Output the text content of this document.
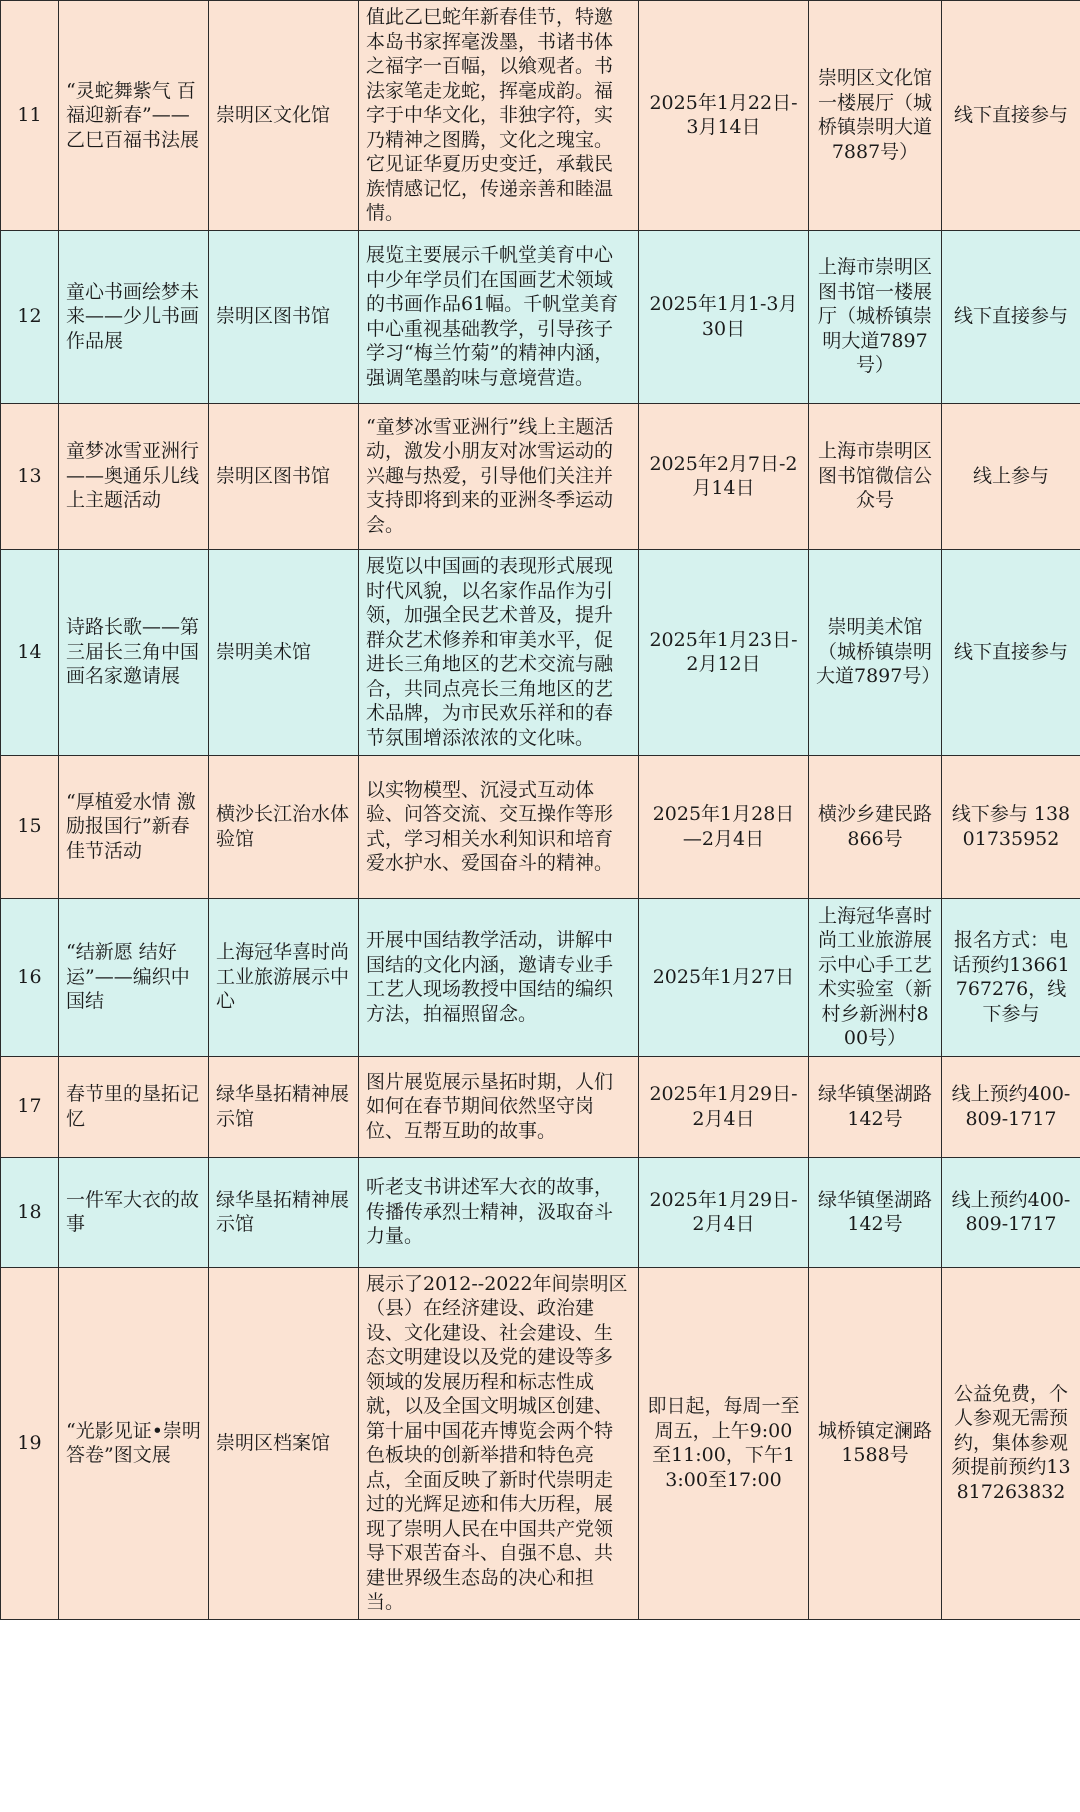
11	“灵蛇舞紫气 百福迎新春”——乙巳百福书法展	崇明区文化馆	值此乙巳蛇年新春佳节，特邀本岛书家挥毫泼墨，书诸书体之福字一百幅，以飨观者。书法家笔走龙蛇，挥毫成韵。福字于中华文化，非独字符，实乃精神之图腾，文化之瑰宝。它见证华夏历史变迁，承载民族情感记忆，传递亲善和睦温情。	2025年1月22日-3月14日	崇明区文化馆一楼展厅（城桥镇崇明大道7887号）	线下直接参与
12	童心书画绘梦未来——少儿书画作品展	崇明区图书馆	展览主要展示千帆堂美育中心中少年学员们在国画艺术领域的书画作品61幅。千帆堂美育中心重视基础教学，引导孩子学习“梅兰竹菊”的精神内涵，强调笔墨韵味与意境营造。	2025年1月1-3月30日	上海市崇明区图书馆一楼展厅（城桥镇崇明大道7897号）	线下直接参与
13	童梦冰雪亚洲行——奥通乐儿线上主题活动	崇明区图书馆	“童梦冰雪亚洲行”线上主题活动，激发小朋友对冰雪运动的兴趣与热爱，引导他们关注并支持即将到来的亚洲冬季运动会。	2025年2月7日-2月14日	上海市崇明区图书馆微信公众号	线上参与
14	诗路长歌——第三届长三角中国画名家邀请展	崇明美术馆	展览以中国画的表现形式展现时代风貌，以名家作品作为引领，加强全民艺术普及，提升群众艺术修养和审美水平，促进长三角地区的艺术交流与融合，共同点亮长三角地区的艺术品牌，为市民欢乐祥和的春节氛围增添浓浓的文化味。	2025年1月23日-2月12日	崇明美术馆（城桥镇崇明大道7897号）	线下直接参与
15	“厚植爱水情 激励报国行”新春佳节活动	横沙长江治水体验馆	以实物模型、沉浸式互动体验、问答交流、交互操作等形式，学习相关水利知识和培育爱水护水、爱国奋斗的精神。	2025年1月28日—2月4日	横沙乡建民路866号	线下参与 13801735952
16	“结新愿 结好运”——编织中国结	上海冠华喜时尚工业旅游展示中心	开展中国结教学活动，讲解中国结的文化内涵，邀请专业手工艺人现场教授中国结的编织方法，拍福照留念。	2025年1月27日	上海冠华喜时尚工业旅游展示中心手工艺术实验室（新村乡新洲村800号）	报名方式：电话预约13661767276，线下参与
17	春节里的垦拓记忆	绿华垦拓精神展示馆	图片展览展示垦拓时期，人们如何在春节期间依然坚守岗位、互帮互助的故事。	2025年1月29日-2月4日	绿华镇堡湖路142号	线上预约400-809-1717
18	一件军大衣的故事	绿华垦拓精神展示馆	听老支书讲述军大衣的故事，传播传承烈士精神，汲取奋斗力量。	2025年1月29日-2月4日	绿华镇堡湖路142号	线上预约400-809-1717
19	“光影见证•崇明答卷”图文展	崇明区档案馆	展示了2012--2022年间崇明区（县）在经济建设、政治建设、文化建设、社会建设、生态文明建设以及党的建设等多领域的发展历程和标志性成就，以及全国文明城区创建、第十届中国花卉博览会两个特色板块的创新举措和特色亮点，全面反映了新时代崇明走过的光辉足迹和伟大历程，展现了崇明人民在中国共产党领导下艰苦奋斗、自强不息、共建世界级生态岛的决心和担当。	即日起，每周一至周五，上午9:00至11:00，下午13:00至17:00	城桥镇定澜路1588号	公益免费，个人参观无需预约，集体参观须提前预约13817263832
